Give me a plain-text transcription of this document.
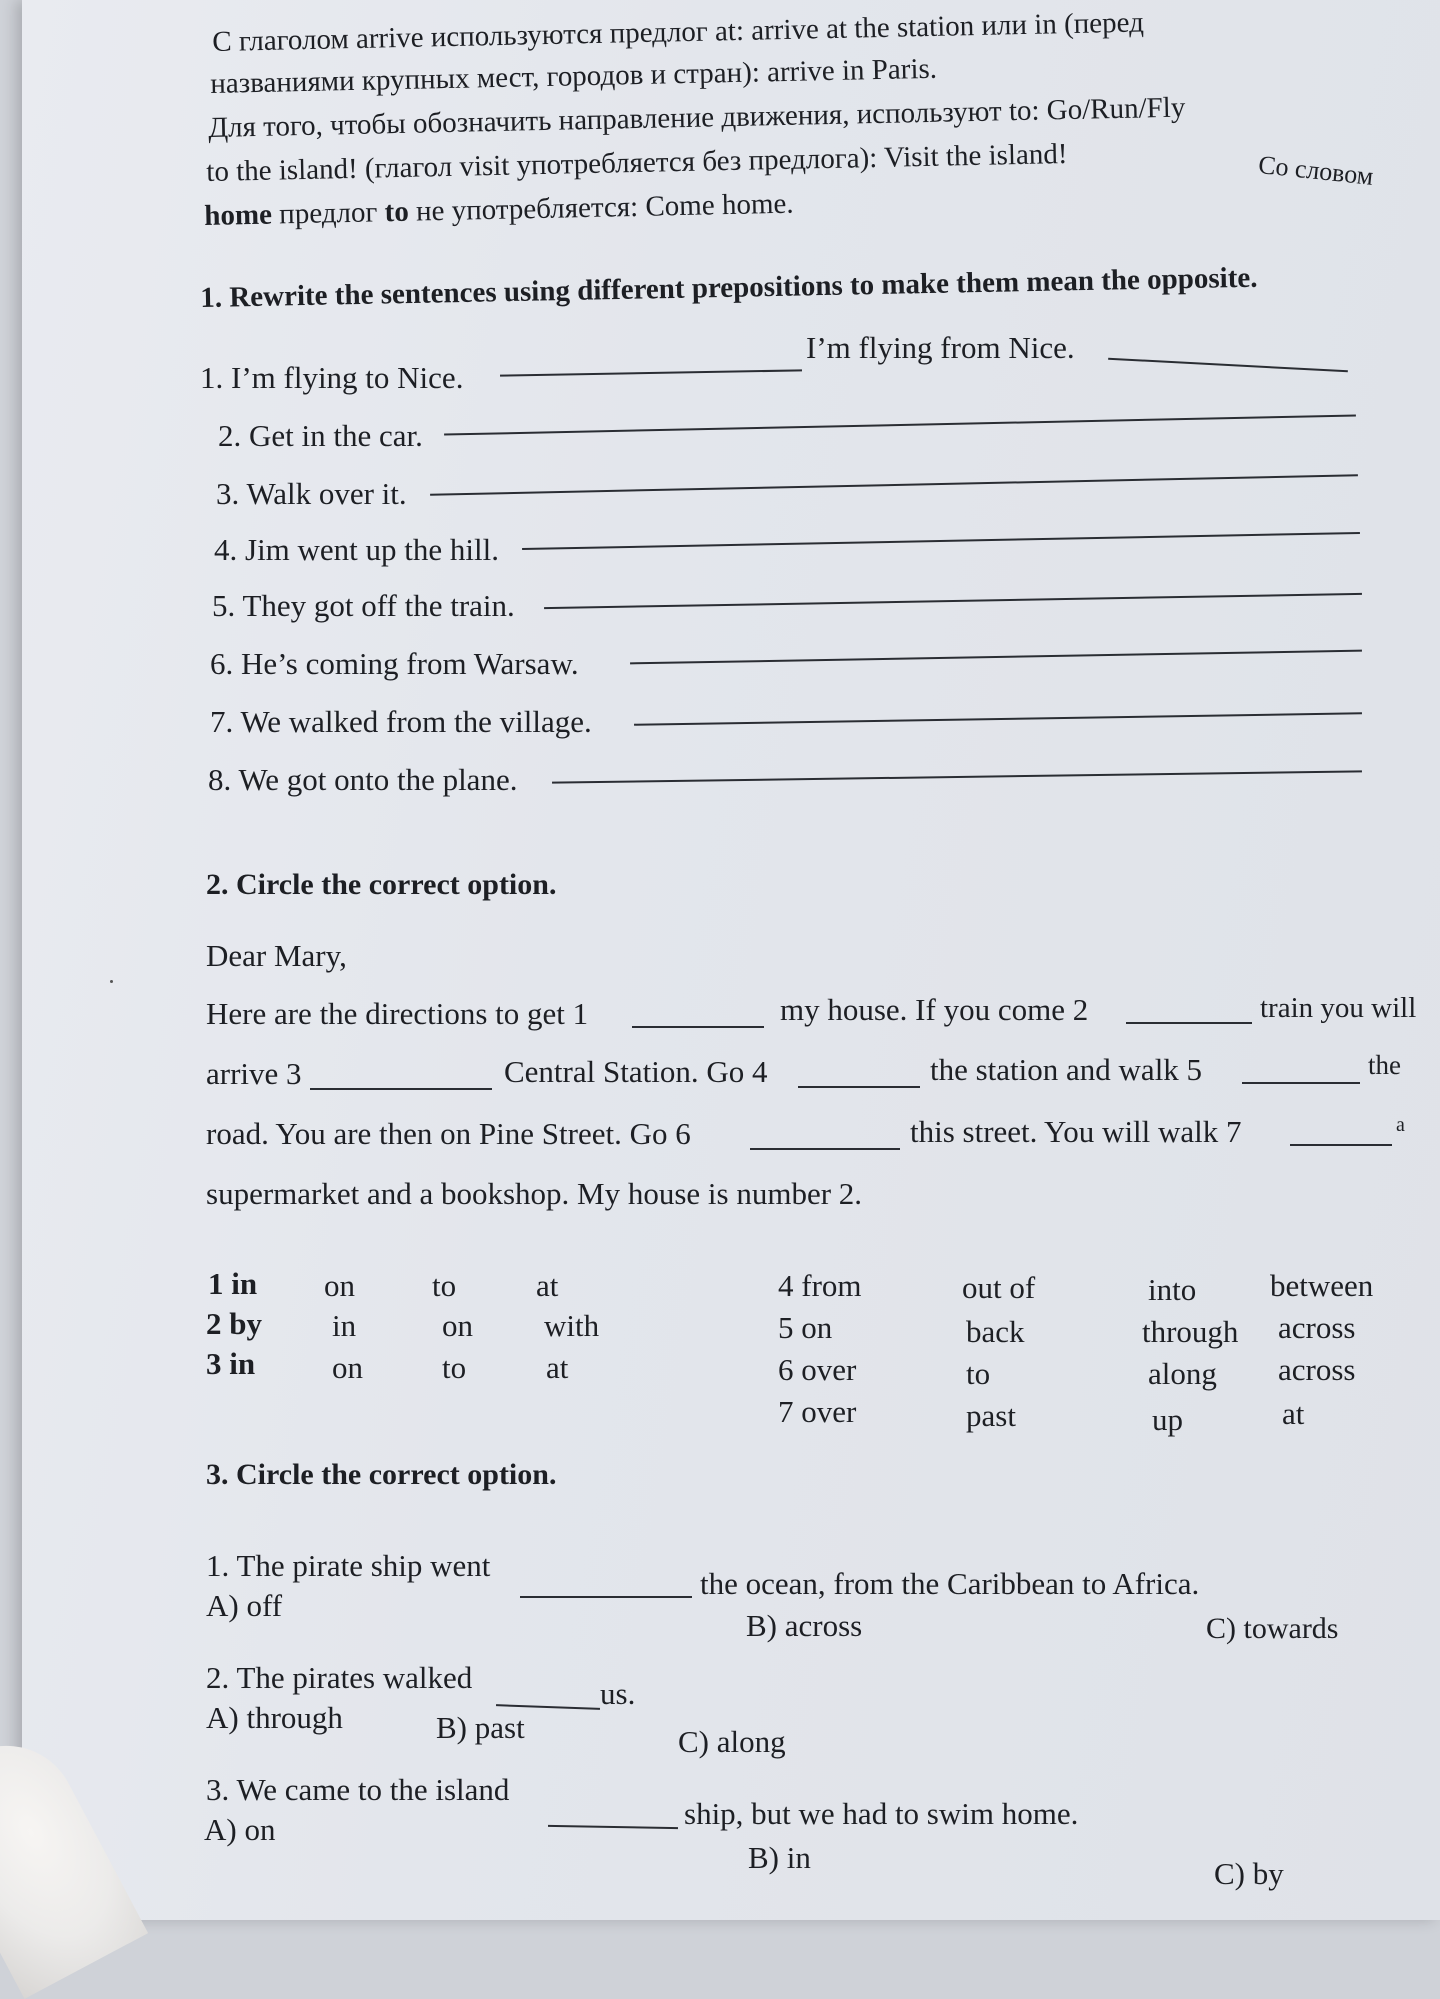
С глаголом arrive используются предлог at: arrive at the station или in (перед
названиями крупных мест, городов и стран): arrive in Paris.
Для того, чтобы обозначить направление движения, используют to: Go/Run/Fly
to the island! (глагол visit употребляется без предлога): Visit the island!	Со словом
home предлог to не употребляется: Come home.
1. Rewrite the sentences using different prepositions to make them mean the opposite.
1. I’m flying to Nice.
I’m flying from Nice.
2. Get in the car.
3. Walk over it.
4. Jim went up the hill.
5. They got off the train.
6. He’s coming from Warsaw.
7. We walked from the village.
8. We got onto the plane.
2. Circle the correct option.
Dear Mary,
Here are the directions to get 1	my house. If you come 2	train you will
arrive 3	Central Station. Go 4	the station and walk 5	the
road. You are then on Pine Street. Go 6	this street. You will walk 7	a
supermarket and a bookshop. My house is number 2.
1 in on to	at
2 by in	on with
3 in on	to	at
4 from	out of	into between
5 on	back	through across
6 over	to	along across
7 over	past	up	at
3. Circle the correct option.
1. The pirate ship went
the ocean, from the Caribbean to Africa.
A) off
B) across	C) towards
2. The pirates walked	us.
A) through	B) past	C) along
3. We came to the island
ship, but we had to swim home.
A) on
B) in	C) by
